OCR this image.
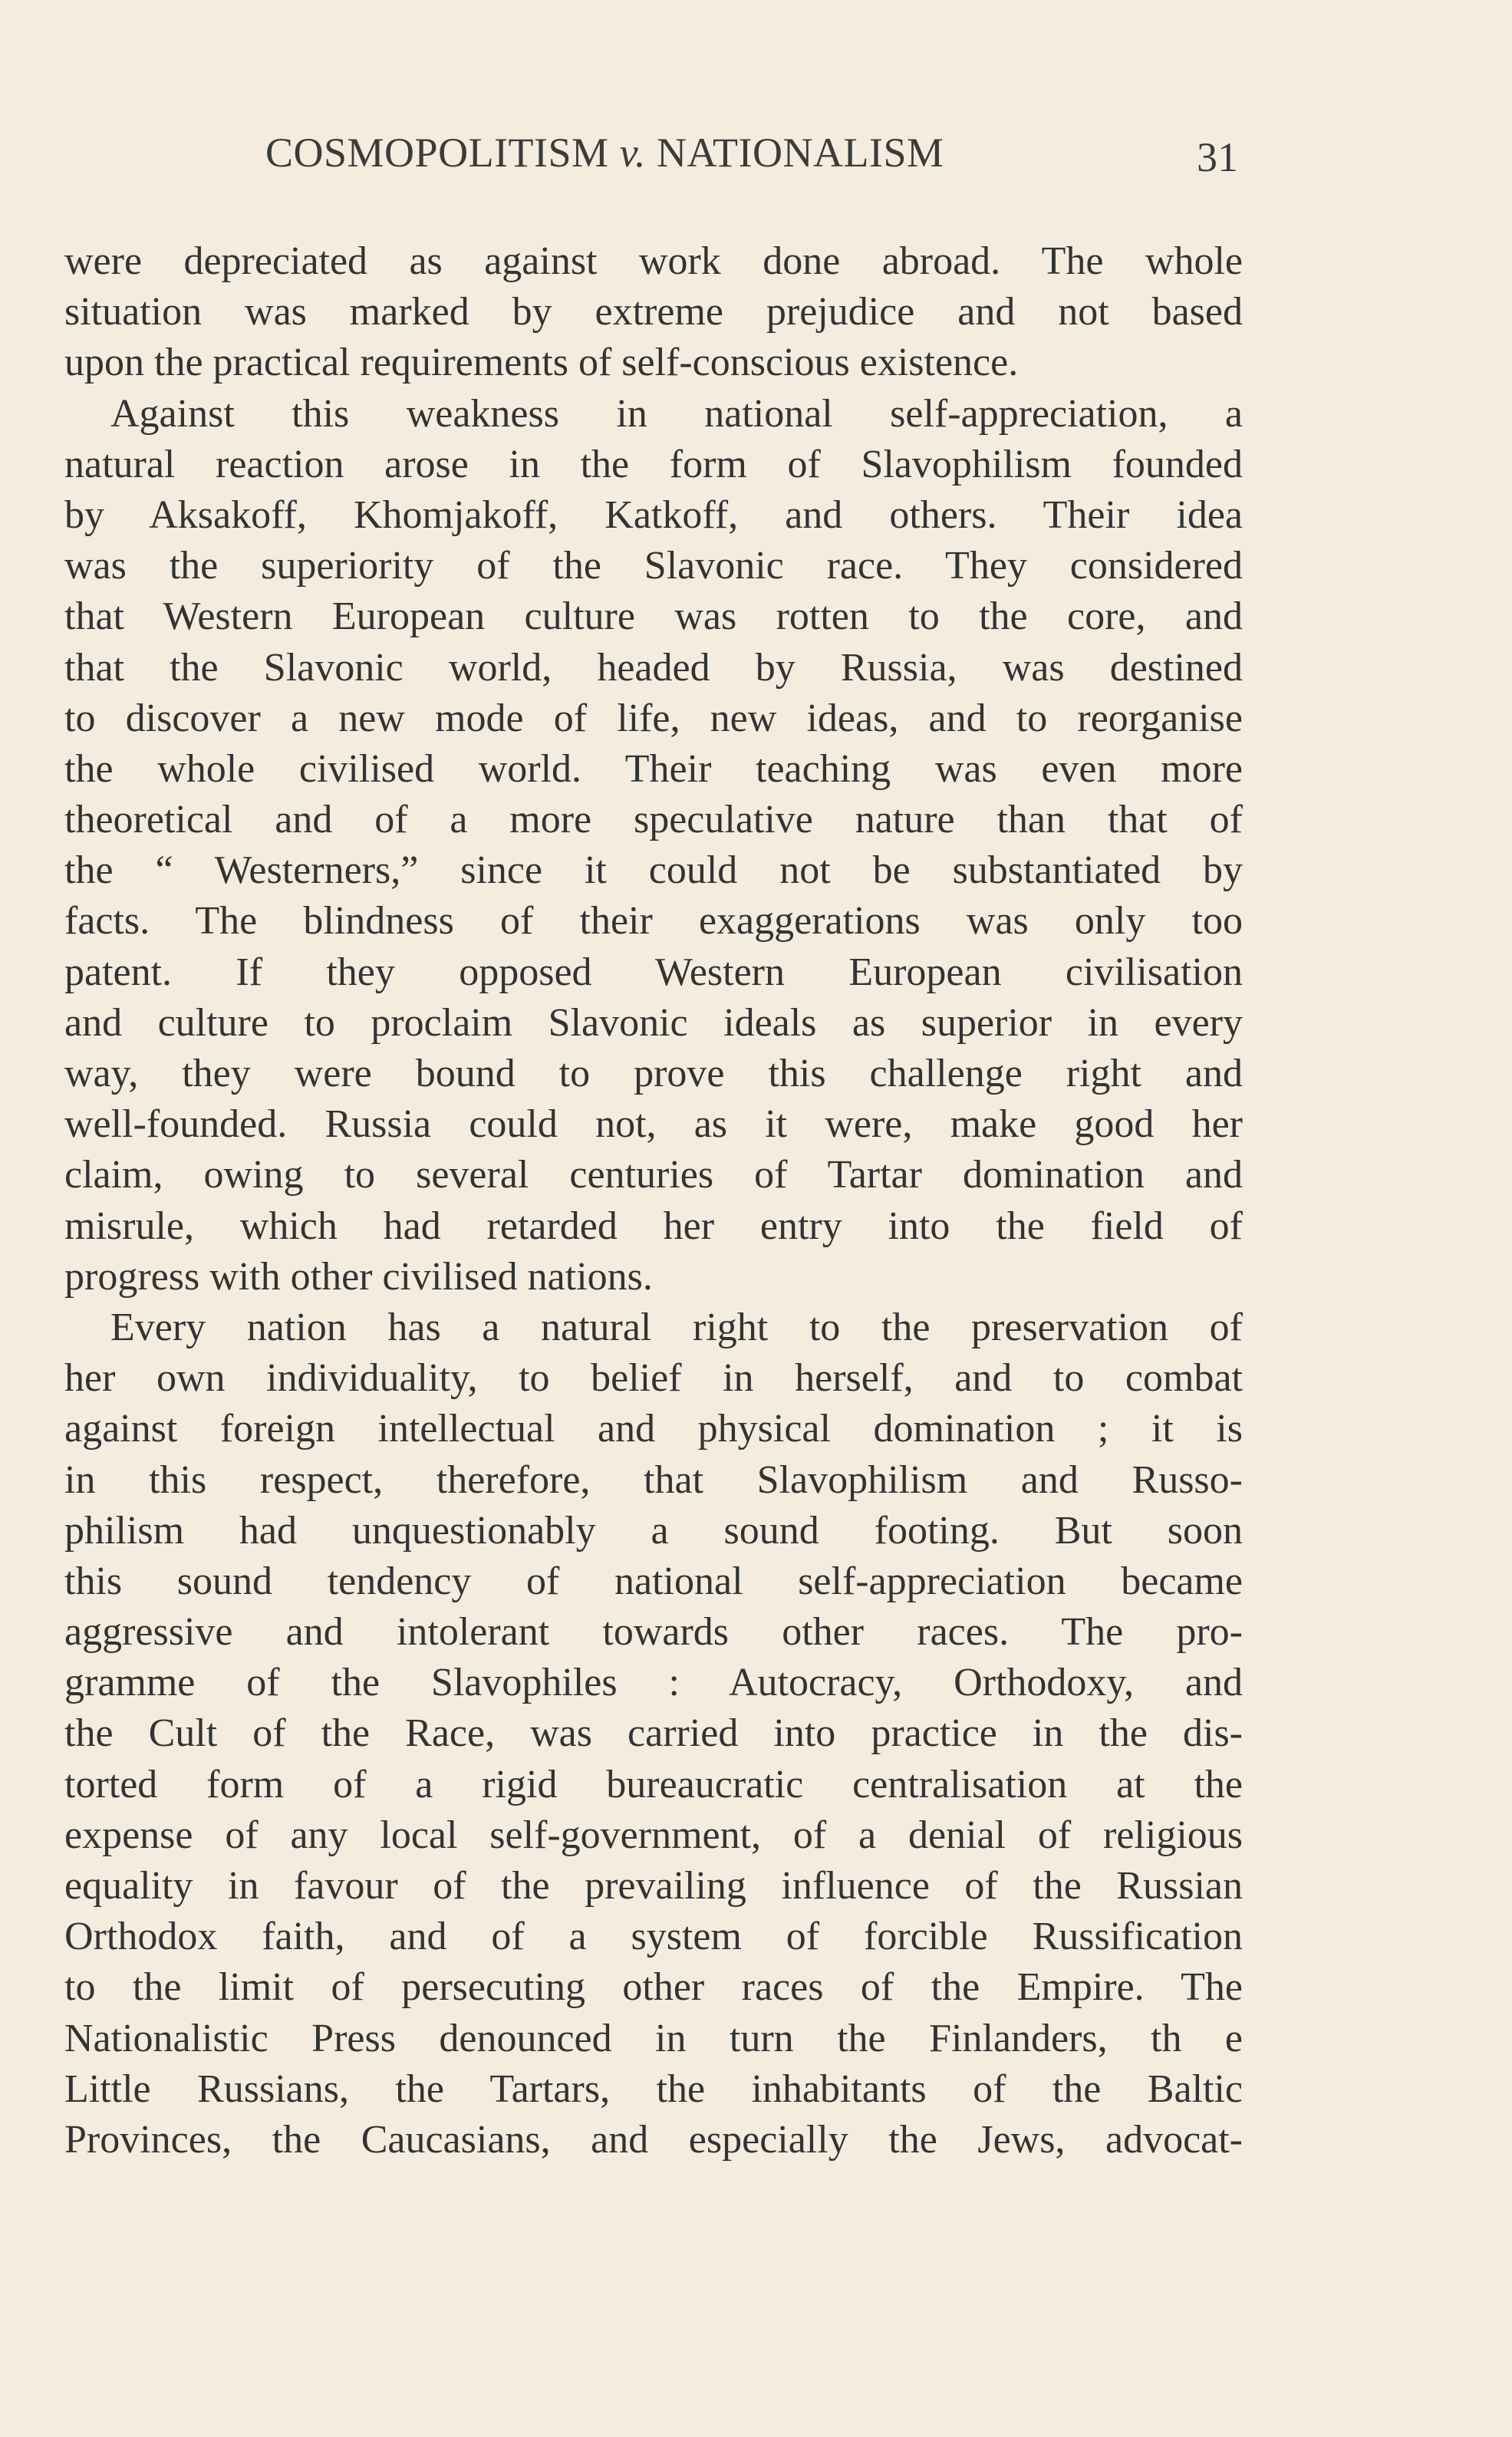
COSMOPOLITISM v. NATIONALISM	31
were depreciated as against work done abroad. The whole
situation was marked by extreme prejudice and not based
upon the practical requirements of self-conscious existence.
Against this weakness in national self-appreciation, a
natural reaction arose in the form of Slavophilism founded
by Aksakoff, Khomjakoff, Katkoff, and others. Their idea
was the superiority of the Slavonic race. They considered
that Western European culture was rotten to the core, and
that the Slavonic world, headed by Russia, was destined
to discover a new mode of life, new ideas, and to reorganise
the whole civilised world. Their teaching was even more
theoretical and of a more speculative nature than that of
the “ Westerners,” since it could not be substantiated by
facts. The blindness of their exaggerations was only too
patent. If they opposed Western European civilisation
and culture to proclaim Slavonic ideals as superior in every
way, they were bound to prove this challenge right and
well-founded. Russia could not, as it were, make good her
claim, owing to several centuries of Tartar domination and
misrule, which had retarded her entry into the field of
progress with other civilised nations.
Every nation has a natural right to the preservation of
her own individuality, to belief in herself, and to combat
against foreign intellectual and physical domination ; it is
in this respect, therefore, that Slavophilism and Russo-
philism had unquestionably a sound footing. But soon
this sound tendency of national self-appreciation became
aggressive and intolerant towards other races. The pro-
gramme of the Slavophiles : Autocracy, Orthodoxy, and
the Cult of the Race, was carried into practice in the dis-
torted form of a rigid bureaucratic centralisation at the
expense of any local self-government, of a denial of religious
equality in favour of the prevailing influence of the Russian
Orthodox faith, and of a system of forcible Russification
to the limit of persecuting other races of the Empire. The
Nationalistic Press denounced in turn the Finlanders, th e
Little Russians, the Tartars, the inhabitants of the Baltic
Provinces, the Caucasians, and especially the Jews, advocat-
